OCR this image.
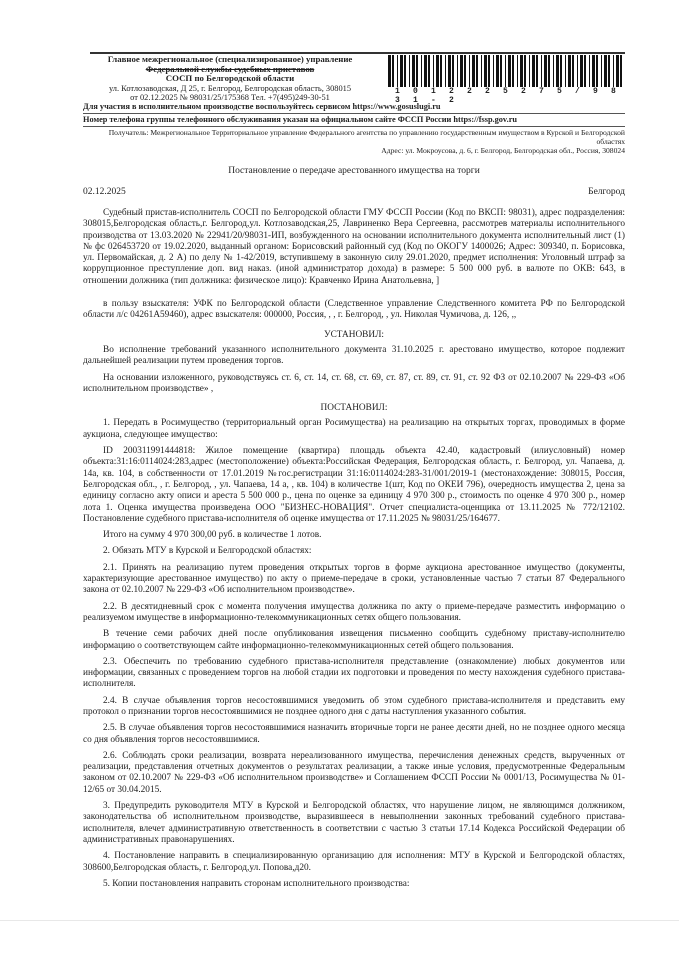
Главное межрегиональное (специализированное) управление
Федеральной службы судебных приставов
СОСП по Белгородской области
ул. Котлозаводская, Д 25, г. Белгород, Белгородская область, 308015
от 02.12.2025 № 98031/25/175368 Тел. +7(495)249-30-51
1 0 1 2 2 2 5 2 7 5 / 9 8 3 1 - 2
Для участия в исполнительном производстве воспользуйтесь сервисом https://www.gosuslugi.ru
Номер телефона группы телефонного обслуживания указан на официальном сайте ФССП России https://fssp.gov.ru
Получатель: Межрегиональное Территориальное управление Федерального агентства по управлению государственным имуществом в Курской и Белгородской областях
Адрес: ул. Мокроусова, д. 6, г. Белгород, Белгородская обл., Россия, 308024
Постановление о передаче арестованного имущества на торги
02.12.2025	Белгород

Судебный пристав-исполнитель СОСП по Белгородской области ГМУ ФССП России (Код по ВКСП: 98031), адрес подразделения: 308015,Белгородская область,г. Белгород,ул. Котлозаводская,25, Лавриненко Вера Сергеевна, рассмотрев материалы исполнительного производства от 13.03.2020 № 22941/20/98031-ИП, возбужденного на основании исполнительного документа исполнительный лист (1) № фс 026453720 от 19.02.2020, выданный органом: Борисовский районный суд (Код по ОКОГУ 1400026; Адрес: 309340, п. Борисовка, ул. Первомайская, д. 2 А) по делу № 1-42/2019, вступившему в законную силу 29.01.2020, предмет исполнения: Уголовный штраф за коррупционное преступление доп. вид наказ. (иной администратор дохода) в размере: 5 500 000 руб. в валюте по ОКВ: 643, в отношении должника (тип должника: физическое лицо): Кравченко Ирина Анатольевна, ]

в пользу взыскателя: УФК по Белгородской области (Следственное управление Следственного комитета РФ по Белгородской области л/с 04261А59460), адрес взыскателя: 000000, Россия, , , г. Белгород, , ул. Николая Чумичова, д. 126, ,,

УСТАНОВИЛ:

Во исполнение требований указанного исполнительного документа 31.10.2025 г. арестовано имущество, которое подлежит дальнейшей реализации путем проведения торгов.

На основании изложенного, руководствуясь ст. 6, ст. 14, ст. 68, ст. 69, ст. 87, ст. 89, ст. 91, ст. 92 ФЗ от 02.10.2007 № 229-ФЗ «Об исполнительном производстве» ,

ПОСТАНОВИЛ:

1. Передать в Росимущество (территориальный орган Росимущества) на реализацию на открытых торгах, проводимых в форме аукциона, следующее имущество:

ID 200311991444818: Жилое помещение (квартира) площадь объекта 42.40, кадастровый (илиусловный) номер объекта:31:16:0114024:283,адрес (местоположение) объекта:Российская Федерация, Белгородская область, г. Белгород, ул. Чапаева, д. 14а, кв. 104, в собственности от 17.01.2019 №гос.регистрации 31:16:0114024:283-31/001/2019-1 (местонахождение: 308015, Россия, Белгородская обл., , г. Белгород, , ул. Чапаева, 14 а, , кв. 104) в количестве 1(шт, Код по ОКЕИ 796), очередность имущества 2, цена за единицу согласно акту описи и ареста 5 500 000 р., цена по оценке за единицу 4 970 300 р., стоимость по оценке 4 970 300 р., номер лота 1. Оценка имущества произведена ООО "БИЗНЕС-НОВАЦИЯ". Отчет специалиста-оценщика от 13.11.2025 № 772/12102. Постановление судебного пристава-исполнителя об оценке имущества от 17.11.2025 № 98031/25/164677.

Итого на сумму 4 970 300,00 руб. в количестве 1 лотов.

2. Обязать МТУ в Курской и Белгородской областях:

2.1. Принять на реализацию путем проведения открытых торгов в форме аукциона арестованное имущество (документы, характеризующие арестованное имущество) по акту о приеме-передаче в сроки, установленные частью 7 статьи 87 Федерального закона от 02.10.2007 № 229-ФЗ «Об исполнительном производстве».

2.2. В десятидневный срок с момента получения имущества должника по акту о приеме-передаче разместить информацию о реализуемом имуществе в информационно-телекоммуникационных сетях общего пользования.

В течение семи рабочих дней после опубликования извещения письменно сообщить судебному приставу-исполнителю информацию о соответствующем сайте информационно-телекоммуникационных сетей общего пользования.

2.3. Обеспечить по требованию судебного пристава-исполнителя представление (ознакомление) любых документов или информации, связанных с проведением торгов на любой стадии их подготовки и проведения по месту нахождения судебного пристава-исполнителя.

2.4. В случае объявления торгов несостоявшимися уведомить об этом судебного пристава-исполнителя и представить ему протокол о признании торгов несостоявшимися не позднее одного дня с даты наступления указанного события.

2.5. В случае объявления торгов несостоявшимися назначить вторичные торги не ранее десяти дней, но не позднее одного месяца со дня объявления торгов несостоявшимися.

2.6. Соблюдать сроки реализации, возврата нереализованного имущества, перечисления денежных средств, вырученных от реализации, представления отчетных документов о результатах реализации, а также иные условия, предусмотренные Федеральным законом от 02.10.2007 № 229-ФЗ «Об исполнительном производстве» и Соглашением ФССП России № 0001/13, Росимущества № 01-12/65 от 30.04.2015.

3. Предупредить руководителя МТУ в Курской и Белгородской областях, что нарушение лицом, не являющимся должником, законодательства об исполнительном производстве, выразившееся в невыполнении законных требований судебного пристава-исполнителя, влечет административную ответственность в соответствии с частью 3 статьи 17.14 Кодекса Российской Федерации об административных правонарушениях.

4. Постановление направить в специализированную организацию для исполнения: МТУ в Курской и Белгородской областях, 308600,Белгородская область, г. Белгород,ул. Попова,д20.

5. Копии постановления направить сторонам исполнительного производства:
